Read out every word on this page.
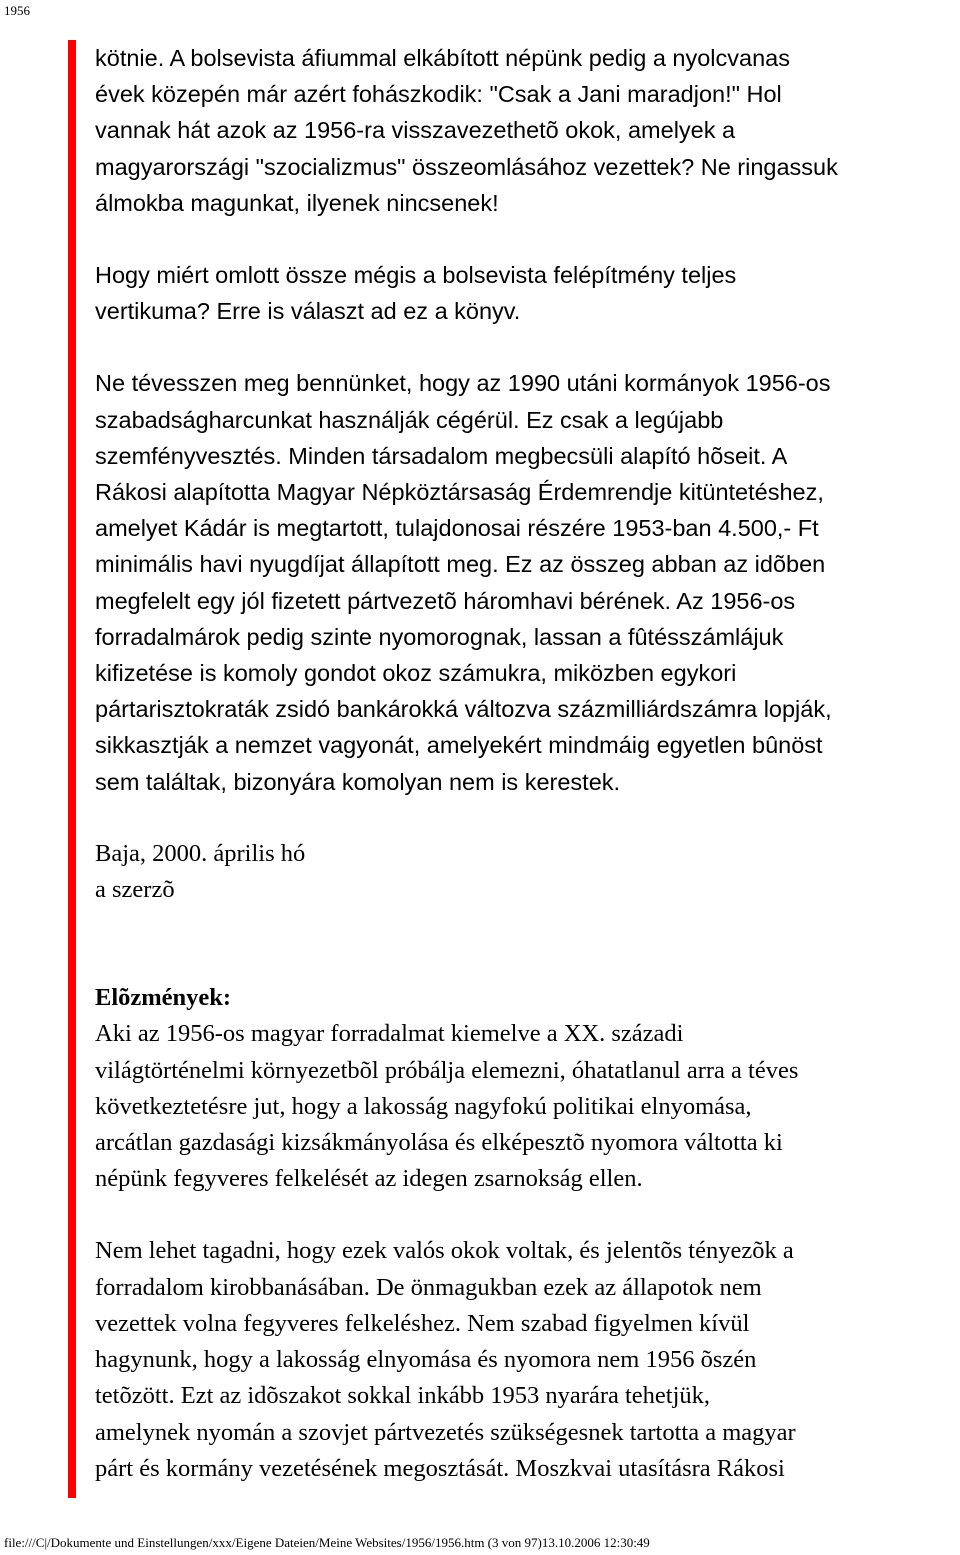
1956

kötnie. A bolsevista áfiummal elkábított népünk pedig a nyolcvanas
évek közepén már azért fohászkodik: "Csak a Jani maradjon!" Hol
vannak hát azok az 1956-ra visszavezethetõ okok, amelyek a
magyarországi "szocializmus" összeomlásához vezettek? Ne ringassuk
álmokba magunkat, ilyenek nincsenek!

Hogy miért omlott össze mégis a bolsevista felépítmény teljes
vertikuma? Erre is választ ad ez a könyv.

Ne tévesszen meg bennünket, hogy az 1990 utáni kormányok 1956-os
szabadságharcunkat használják cégérül. Ez csak a legújabb
szemfényvesztés. Minden társadalom megbecsüli alapító hõseit. A
Rákosi alapította Magyar Népköztársaság Érdemrendje kitüntetéshez,
amelyet Kádár is megtartott, tulajdonosai részére 1953-ban 4.500,- Ft
minimális havi nyugdíjat állapított meg. Ez az összeg abban az idõben
megfelelt egy jól fizetett pártvezetõ háromhavi bérének. Az 1956-os
forradalmárok pedig szinte nyomorognak, lassan a fûtésszámlájuk
kifizetése is komoly gondot okoz számukra, miközben egykori
pártarisztokraták zsidó bankárokká változva százmilliárdszámra lopják,
sikkasztják a nemzet vagyonát, amelyekért mindmáig egyetlen bûnöst
sem találtak, bizonyára komolyan nem is kerestek.

Baja, 2000. április hó
a szerzõ

Elõzmények:

Aki az 1956-os magyar forradalmat kiemelve a XX. századi
világtörténelmi környezetbõl próbálja elemezni, óhatatlanul arra a téves
következtetésre jut, hogy a lakosság nagyfokú politikai elnyomása,
arcátlan gazdasági kizsákmányolása és elképesztõ nyomora váltotta ki
népünk fegyveres felkelését az idegen zsarnokság ellen.

Nem lehet tagadni, hogy ezek valós okok voltak, és jelentõs tényezõk a
forradalom kirobbanásában. De önmagukban ezek az állapotok nem
vezettek volna fegyveres felkeléshez. Nem szabad figyelmen kívül
hagynunk, hogy a lakosság elnyomása és nyomora nem 1956 õszén
tetõzött. Ezt az idõszakot sokkal inkább 1953 nyarára tehetjük,
amelynek nyomán a szovjet pártvezetés szükségesnek tartotta a magyar
párt és kormány vezetésének megosztását. Moszkvai utasításra Rákosi

file:///C|/Dokumente und Einstellungen/xxx/Eigene Dateien/Meine Websites/1956/1956.htm (3 von 97)13.10.2006 12:30:49
